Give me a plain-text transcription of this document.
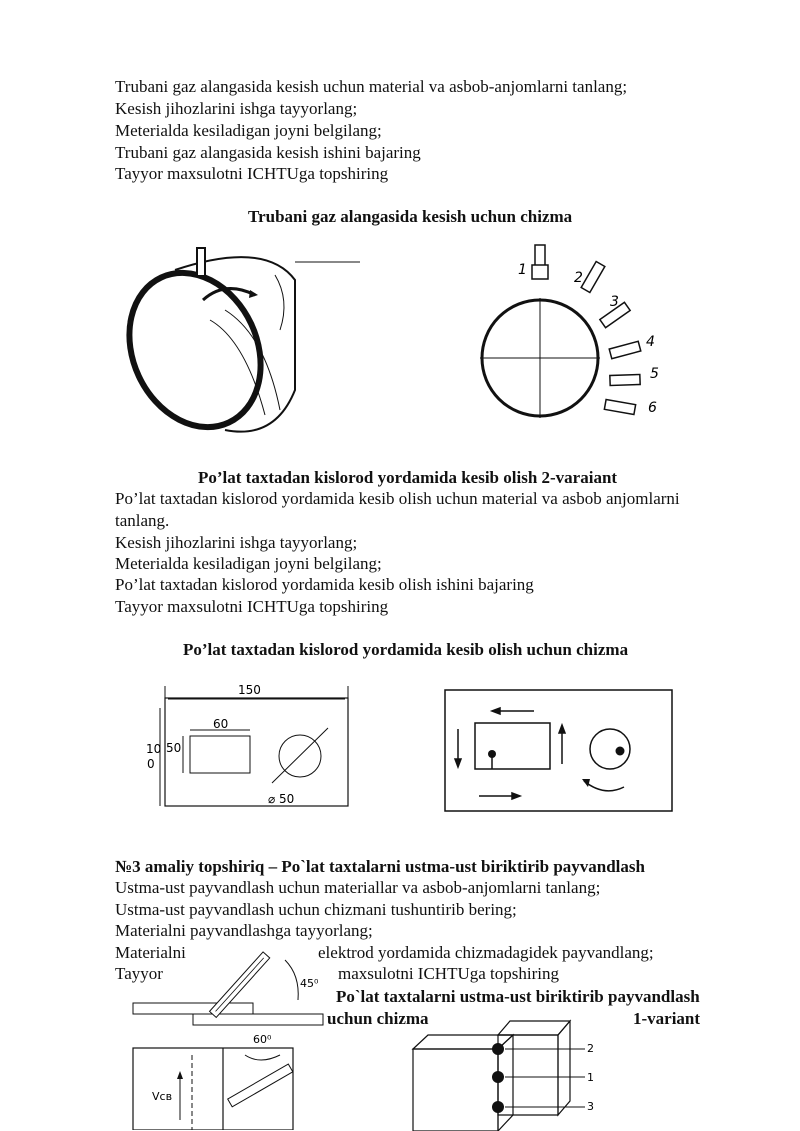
Trubani gaz alangasida kesish uchun material va asbob-anjomlarni tanlang;
Kesish jihozlarini ishga tayyorlang;
Meterialda kesiladigan joyni belgilang;
Trubani gaz alangasida kesish ishini bajaring
Tayyor maxsulotni ICHTUga topshiring
Trubani gaz alangasida kesish uchun chizma
1	2
3
4
5
6
Po’lat taxtadan kislorod yordamida kesib olish 2-varaiant
Po’lat taxtadan kislorod yordamida kesib olish uchun material va asbob anjomlarni
tanlang.
Kesish jihozlarini ishga tayyorlang;
Meterialda kesiladigan joyni belgilang;
Po’lat taxtadan kislorod yordamida kesib olish ishini bajaring
Tayyor maxsulotni ICHTUga topshiring
Po’lat taxtadan kislorod yordamida kesib olish uchun chizma
150
60
10
0
50
⌀ 50
№3 amaliy topshiriq – Po`lat taxtalarni ustma-ust biriktirib payvandlash
Ustma-ust payvandlash uchun materiallar va asbob-anjomlarni tanlang;
Ustma-ust payvandlash uchun chizmani tushuntirib bering;
Materialni payvandlashga tayyorlang;
Materialni	elektrod yordamida chizmadagidek payvandlang;
Tayyor	maxsulotni ICHTUga topshiring
Po`lat taxtalarni ustma-ust biriktirib payvandlash
uchun chizma	1-variant
45⁰
Vсв
60⁰
2
1
3
